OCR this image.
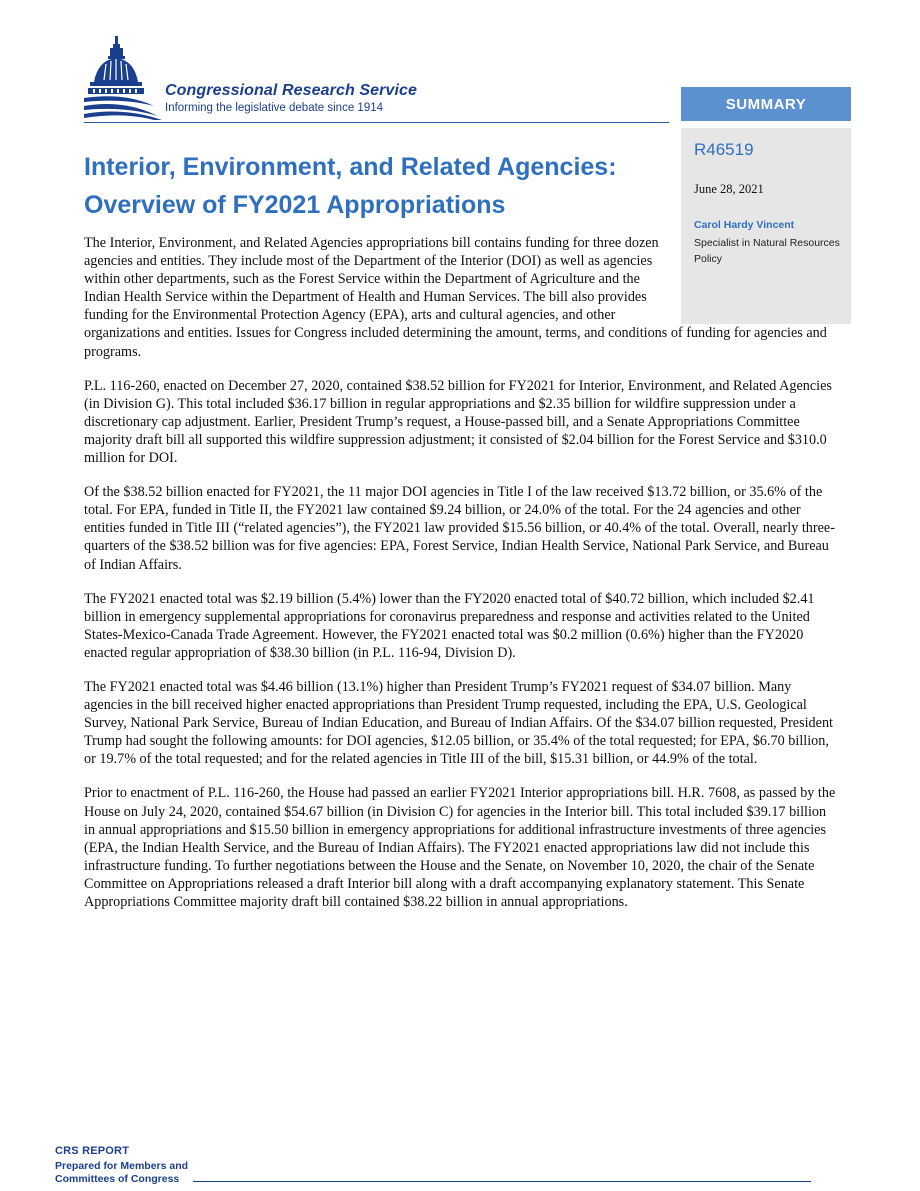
Congressional Research Service
Informing the legislative debate since 1914	SUMMARY
R46519
June 28, 2021
Carol Hardy Vincent
Specialist in Natural Resources Policy
Interior, Environment, and Related Agencies:
Overview of FY2021 Appropriations

The Interior, Environment, and Related Agencies appropriations bill contains funding for three dozen agencies and entities. They include most of the Department of the Interior (DOI) as well as agencies within other departments, such as the Forest Service within the Department of Agriculture and the Indian Health Service within the Department of Health and Human Services. The bill also provides funding for the Environmental Protection Agency (EPA), arts and cultural agencies, and other organizations and entities. Issues for Congress included determining the amount, terms, and conditions of funding for agencies and programs.

P.L. 116-260, enacted on December 27, 2020, contained $38.52 billion for FY2021 for Interior, Environment, and Related Agencies (in Division G). This total included $36.17 billion in regular appropriations and $2.35 billion for wildfire suppression under a discretionary cap adjustment. Earlier, President Trump’s request, a House-passed bill, and a Senate Appropriations Committee majority draft bill all supported this wildfire suppression adjustment; it consisted of $2.04 billion for the Forest Service and $310.0 million for DOI.

Of the $38.52 billion enacted for FY2021, the 11 major DOI agencies in Title I of the law received $13.72 billion, or 35.6% of the total. For EPA, funded in Title II, the FY2021 law contained $9.24 billion, or 24.0% of the total. For the 24 agencies and other entities funded in Title III (“related agencies”), the FY2021 law provided $15.56 billion, or 40.4% of the total. Overall, nearly three-quarters of the $38.52 billion was for five agencies: EPA, Forest Service, Indian Health Service, National Park Service, and Bureau of Indian Affairs.

The FY2021 enacted total was $2.19 billion (5.4%) lower than the FY2020 enacted total of $40.72 billion, which included $2.41 billion in emergency supplemental appropriations for coronavirus preparedness and response and activities related to the United States-Mexico-Canada Trade Agreement. However, the FY2021 enacted total was $0.2 million (0.6%) higher than the FY2020 enacted regular appropriation of $38.30 billion (in P.L. 116-94, Division D).

The FY2021 enacted total was $4.46 billion (13.1%) higher than President Trump’s FY2021 request of $34.07 billion. Many agencies in the bill received higher enacted appropriations than President Trump requested, including the EPA, U.S. Geological Survey, National Park Service, Bureau of Indian Education, and Bureau of Indian Affairs. Of the $34.07 billion requested, President Trump had sought the following amounts: for DOI agencies, $12.05 billion, or 35.4% of the total requested; for EPA, $6.70 billion, or 19.7% of the total requested; and for the related agencies in Title III of the bill, $15.31 billion, or 44.9% of the total.

Prior to enactment of P.L. 116-260, the House had passed an earlier FY2021 Interior appropriations bill. H.R. 7608, as passed by the House on July 24, 2020, contained $54.67 billion (in Division C) for agencies in the Interior bill. This total included $39.17 billion in annual appropriations and $15.50 billion in emergency appropriations for additional infrastructure investments of three agencies (EPA, the Indian Health Service, and the Bureau of Indian Affairs). The FY2021 enacted appropriations law did not include this infrastructure funding. To further negotiations between the House and the Senate, on November 10, 2020, the chair of the Senate Committee on Appropriations released a draft Interior bill along with a draft accompanying explanatory statement. This Senate Appropriations Committee majority draft bill contained $38.22 billion in annual appropriations.

CRS REPORT
Prepared for Members and
Committees of Congress
